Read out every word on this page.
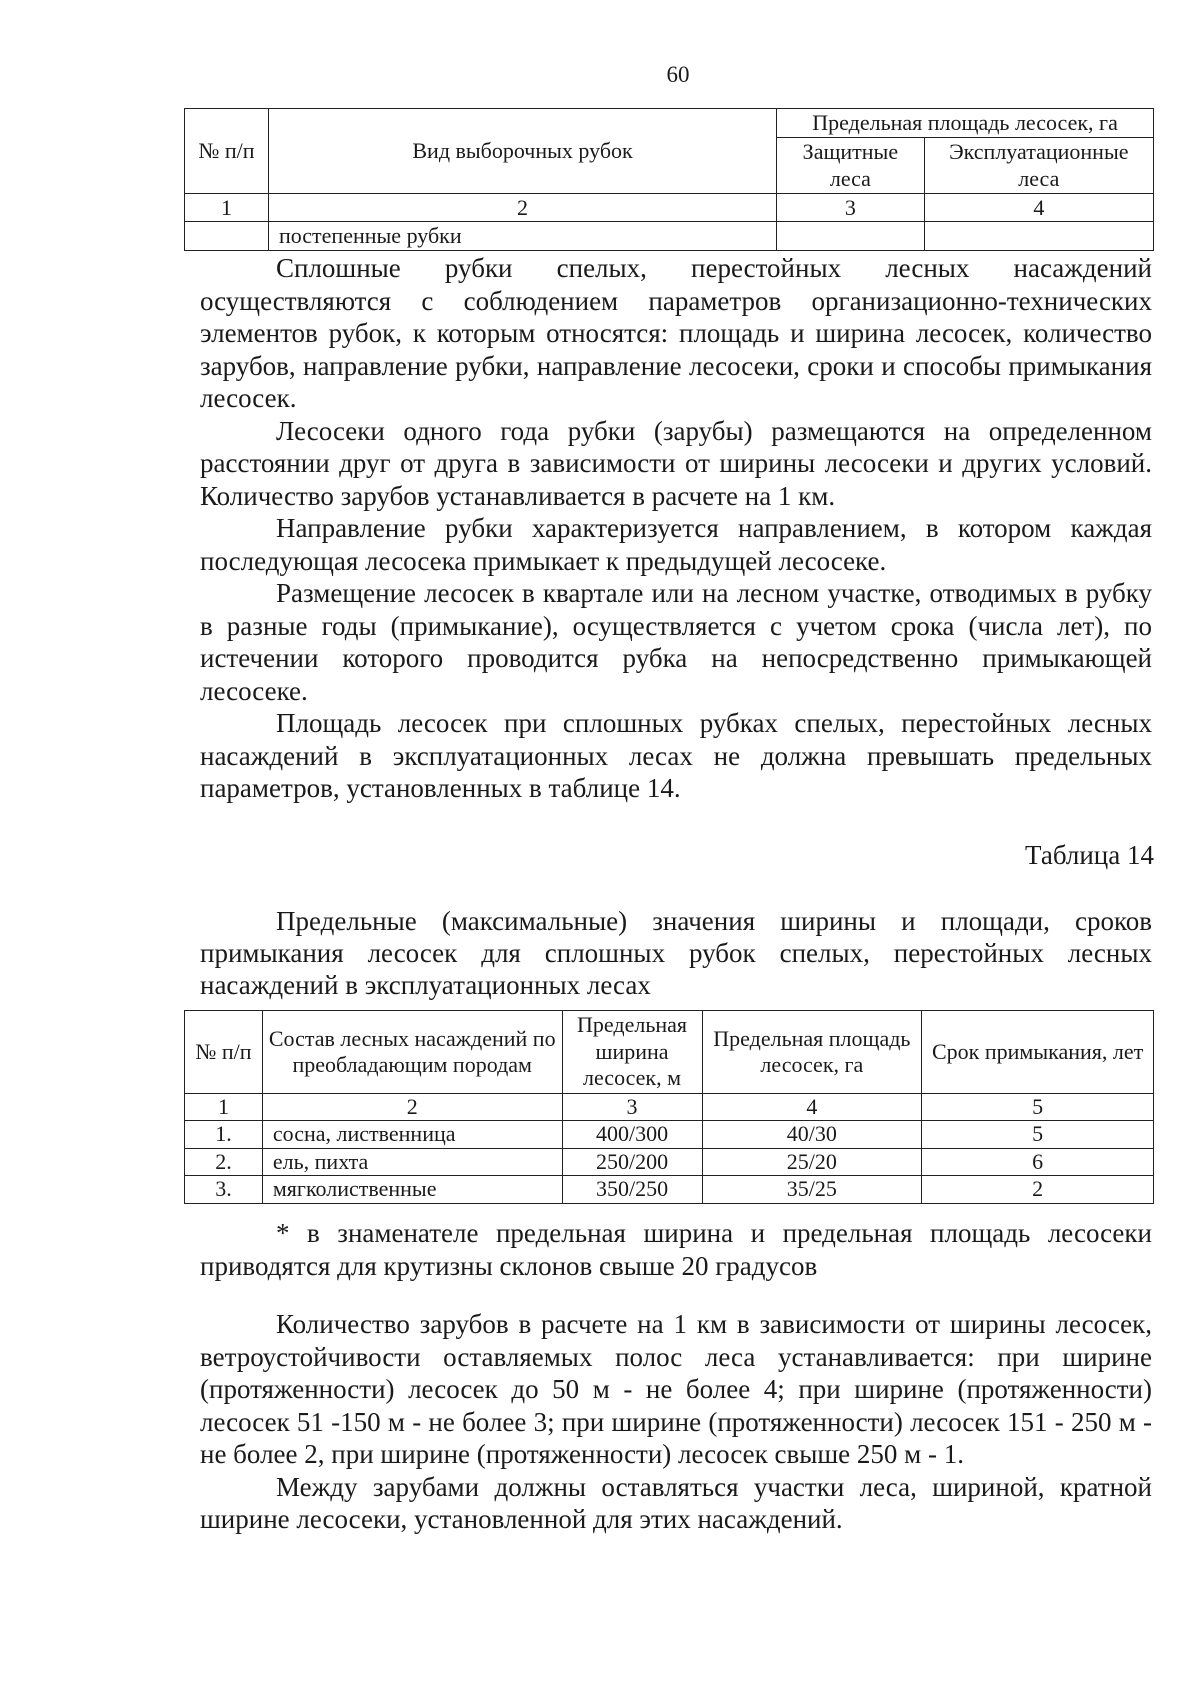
60
№ п/п	Вид выборочных рубок	Предельная площадь лесосек, га	
		Защитные леса	Эксплуатационные леса
1	2	3	4
	постепенные рубки		

Сплошные рубки спелых, перестойных лесных насаждений осуществляются с соблюдением параметров организационно-технических элементов рубок, к которым относятся: площадь и ширина лесосек, количество зарубов, направление рубки, направление лесосеки, сроки и способы примыкания лесосек.

Лесосеки одного года рубки (зарубы) размещаются на определенном расстоянии друг от друга в зависимости от ширины лесосеки и других условий. Количество зарубов устанавливается в расчете на 1 км.

Направление рубки характеризуется направлением, в котором каждая последующая лесосека примыкает к предыдущей лесосеке.

Размещение лесосек в квартале или на лесном участке, отводимых в рубку в разные годы (примыкание), осуществляется с учетом срока (числа лет), по истечении которого проводится рубка на непосредственно примыкающей лесосеке.

Площадь лесосек при сплошных рубках спелых, перестойных лесных насаждений в эксплуатационных лесах не должна превышать предельных параметров, установленных в таблице 14.

Таблица 14

Предельные (максимальные) значения ширины и площади, сроков примыкания лесосек для сплошных рубок спелых, перестойных лесных насаждений в эксплуатационных лесах

№ п/п	Состав лесных насаждений по преобладающим породам	Предельная ширина лесосек, м	Предельная площадь лесосек, га	Срок примыкания, лет
1	2	3	4	5
1.	сосна, лиственница	400/300	40/30	5
2.	ель, пихта	250/200	25/20	6
3.	мягколиственные	350/250	35/25	2

* в знаменателе предельная ширина и предельная площадь лесосеки приводятся для крутизны склонов свыше 20 градусов

Количество зарубов в расчете на 1 км в зависимости от ширины лесосек, ветроустойчивости оставляемых полос леса устанавливается: при ширине (протяженности) лесосек до 50 м - не более 4; при ширине (протяженности) лесосек 51 -150 м - не более 3; при ширине (протяженности) лесосек 151 - 250 м - не более 2, при ширине (протяженности) лесосек свыше 250 м - 1.

Между зарубами должны оставляться участки леса, шириной, кратной ширине лесосеки, установленной для этих насаждений.
